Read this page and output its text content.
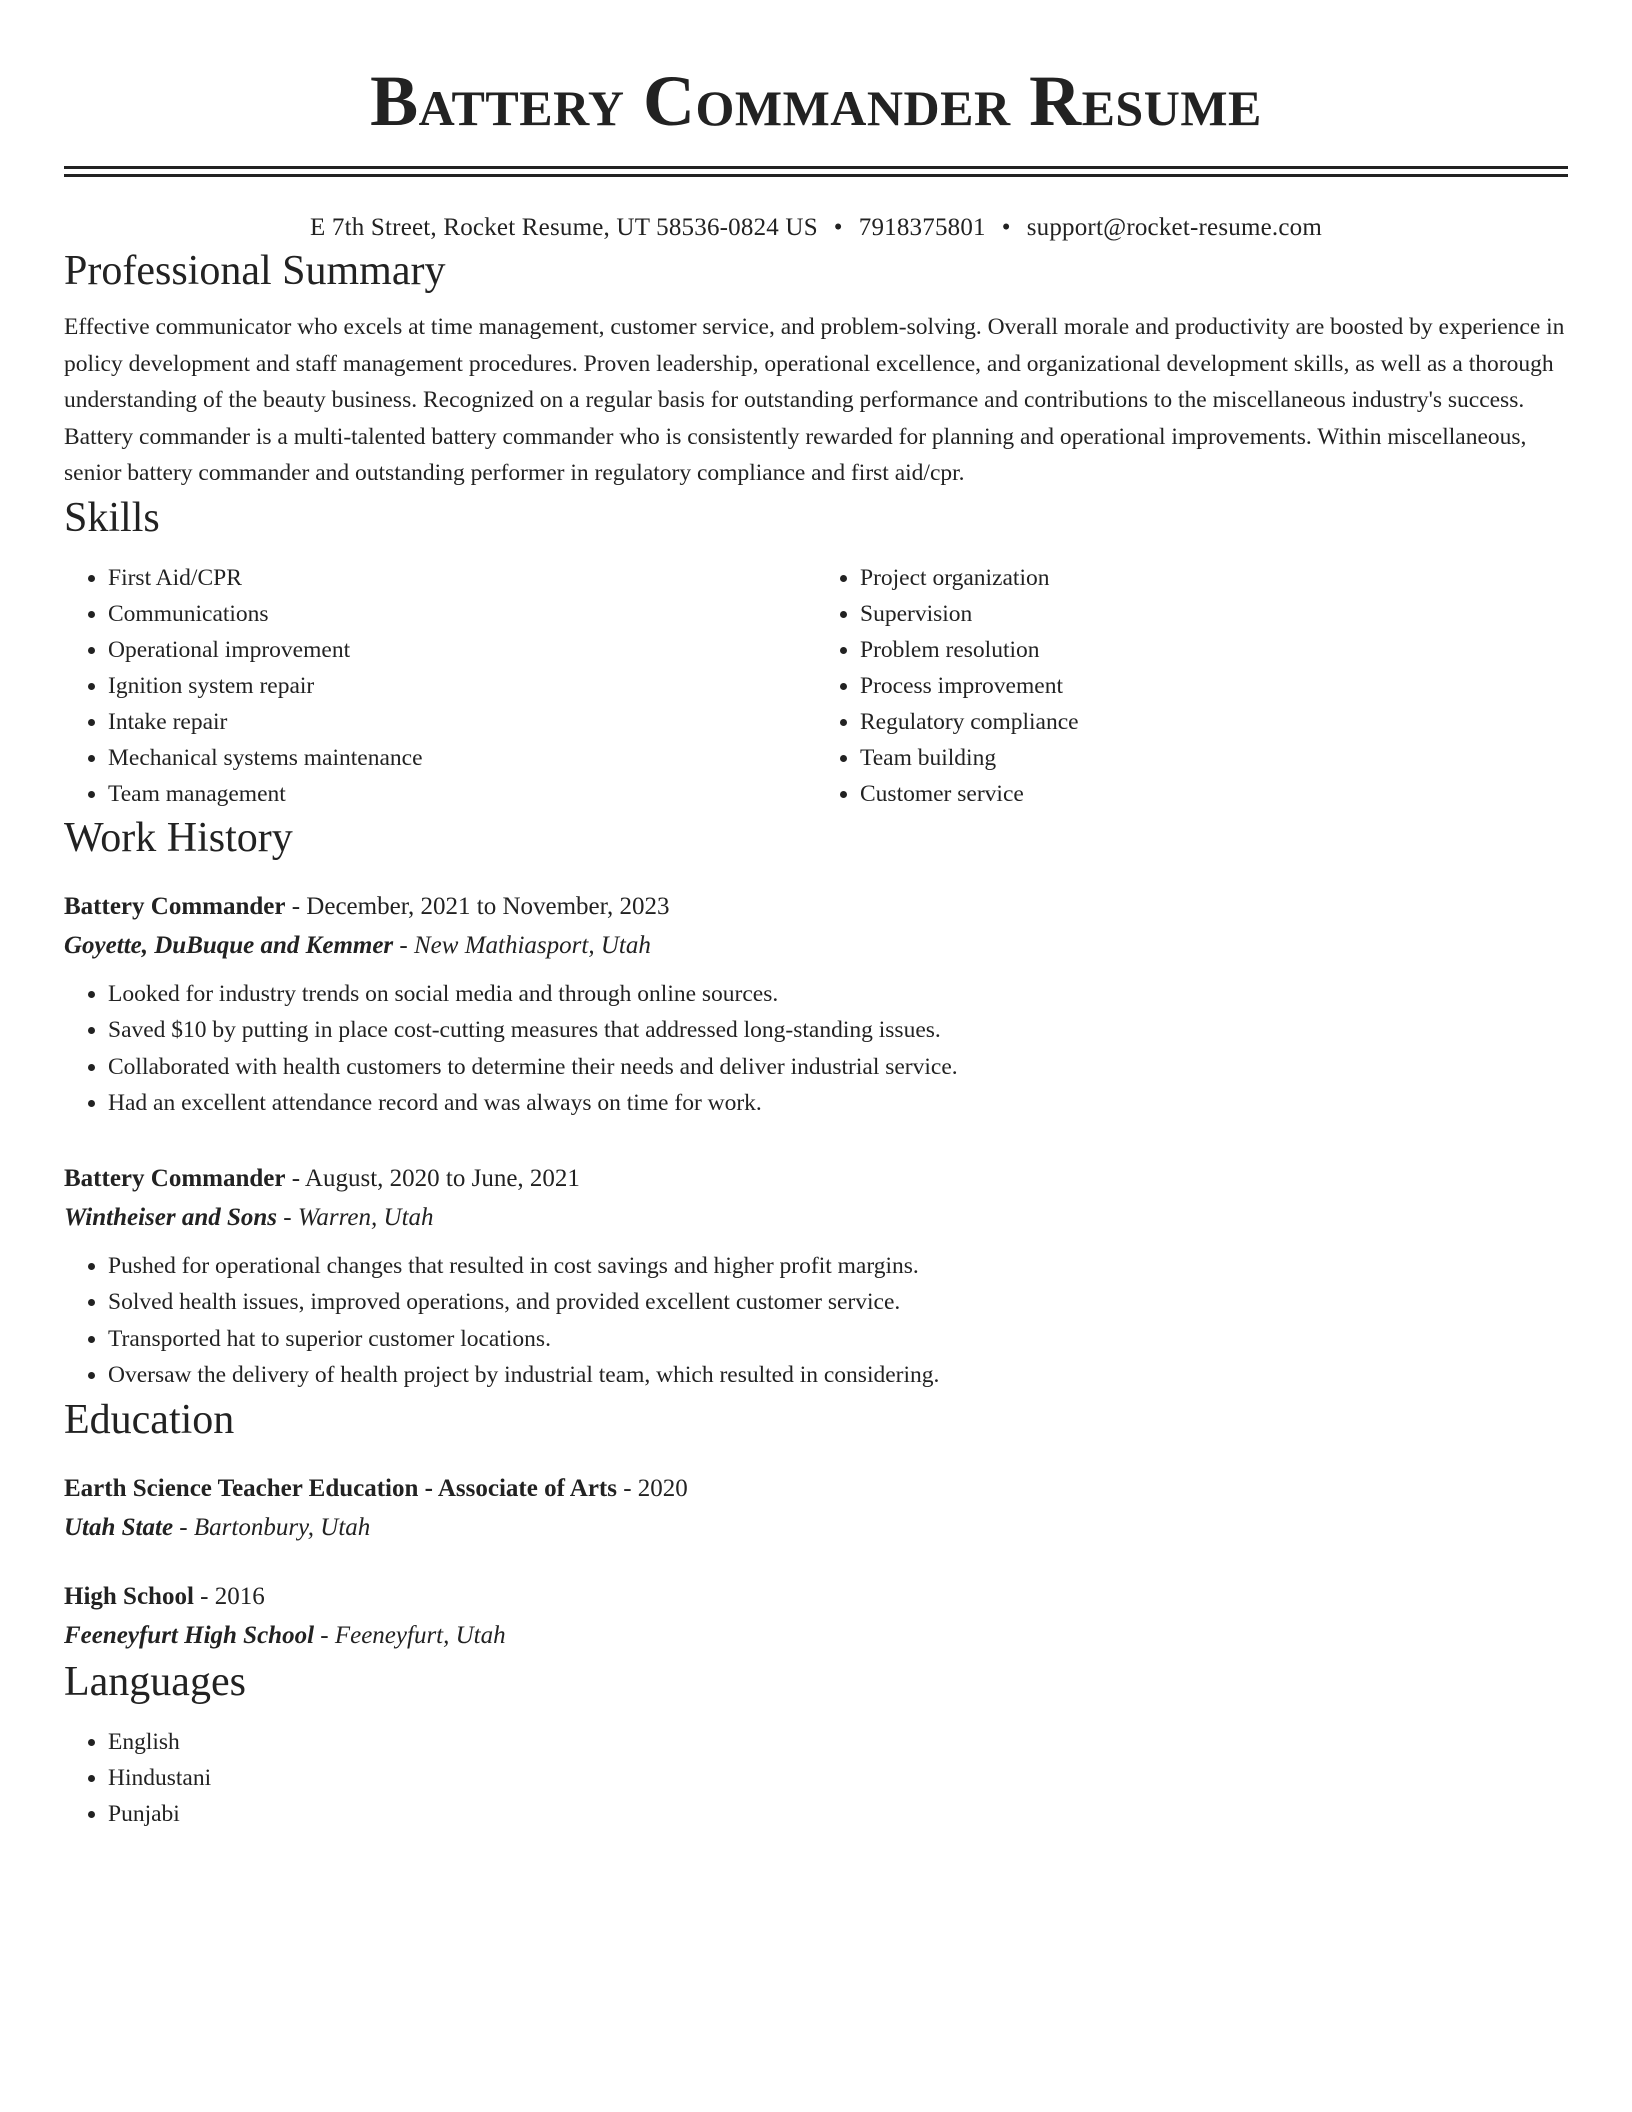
Battery Commander Resume
E 7th Street, Rocket Resume, UT 58536-0824 US • 7918375801 • support@rocket-resume.com
Professional Summary

Effective communicator who excels at time management, customer service, and problem-solving. Overall morale and productivity are boosted by experience in policy development and staff management procedures. Proven leadership, operational excellence, and organizational development skills, as well as a thorough understanding of the beauty business. Recognized on a regular basis for outstanding performance and contributions to the miscellaneous industry's success. Battery commander is a multi-talented battery commander who is consistently rewarded for planning and operational improvements. Within miscellaneous, senior battery commander and outstanding performer in regulatory compliance and first aid/cpr.

Skills
• First Aid/CPR
• Communications
• Operational improvement
• Ignition system repair
• Intake repair
• Mechanical systems maintenance
• Team management
• Project organization
• Supervision
• Problem resolution
• Process improvement
• Regulatory compliance
• Team building
• Customer service
Work History
Battery Commander - December, 2021 to November, 2023
Goyette, DuBuque and Kemmer - New Mathiasport, Utah
• Looked for industry trends on social media and through online sources.
• Saved $10 by putting in place cost-cutting measures that addressed long-standing issues.
• Collaborated with health customers to determine their needs and deliver industrial service.
• Had an excellent attendance record and was always on time for work.
Battery Commander - August, 2020 to June, 2021
Wintheiser and Sons - Warren, Utah
• Pushed for operational changes that resulted in cost savings and higher profit margins.
• Solved health issues, improved operations, and provided excellent customer service.
• Transported hat to superior customer locations.
• Oversaw the delivery of health project by industrial team, which resulted in considering.
Education
Earth Science Teacher Education - Associate of Arts - 2020
Utah State - Bartonbury, Utah
High School - 2016
Feeneyfurt High School - Feeneyfurt, Utah
Languages
• English
• Hindustani
• Punjabi
